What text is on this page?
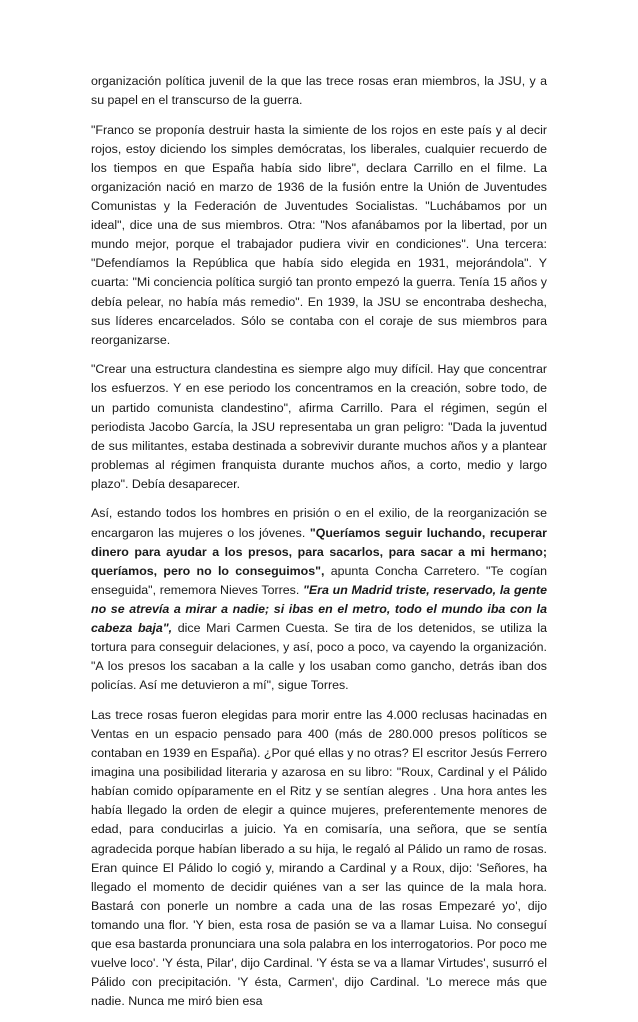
organización política juvenil de la que las trece rosas eran miembros, la JSU, y a su papel en el transcurso de la guerra.

"Franco se proponía destruir hasta la simiente de los rojos en este país y al decir rojos, estoy diciendo los simples demócratas, los liberales, cualquier recuerdo de los tiempos en que España había sido libre", declara Carrillo en el filme. La organización nació en marzo de 1936 de la fusión entre la Unión de Juventudes Comunistas y la Federación de Juventudes Socialistas. "Luchábamos por un ideal", dice una de sus miembros. Otra: "Nos afanábamos por la libertad, por un mundo mejor, porque el trabajador pudiera vivir en condiciones". Una tercera: "Defendíamos la República que había sido elegida en 1931, mejorándola". Y cuarta: "Mi conciencia política surgió tan pronto empezó la guerra. Tenía 15 años y debía pelear, no había más remedio". En 1939, la JSU se encontraba deshecha, sus líderes encarcelados. Sólo se contaba con el coraje de sus miembros para reorganizarse.

"Crear una estructura clandestina es siempre algo muy difícil. Hay que concentrar los esfuerzos. Y en ese periodo los concentramos en la creación, sobre todo, de un partido comunista clandestino", afirma Carrillo. Para el régimen, según el periodista Jacobo García, la JSU representaba un gran peligro: "Dada la juventud de sus militantes, estaba destinada a sobrevivir durante muchos años y a plantear problemas al régimen franquista durante muchos años, a corto, medio y largo plazo". Debía desaparecer.

Así, estando todos los hombres en prisión o en el exilio, de la reorganización se encargaron las mujeres o los jóvenes. "Queríamos seguir luchando, recuperar dinero para ayudar a los presos, para sacarlos, para sacar a mi hermano; queríamos, pero no lo conseguimos", apunta Concha Carretero. "Te cogían enseguida", rememora Nieves Torres. "Era un Madrid triste, reservado, la gente no se atrevía a mirar a nadie; si ibas en el metro, todo el mundo iba con la cabeza baja", dice Mari Carmen Cuesta. Se tira de los detenidos, se utiliza la tortura para conseguir delaciones, y así, poco a poco, va cayendo la organización. "A los presos los sacaban a la calle y los usaban como gancho, detrás iban dos policías. Así me detuvieron a mí", sigue Torres.

Las trece rosas fueron elegidas para morir entre las 4.000 reclusas hacinadas en Ventas en un espacio pensado para 400 (más de 280.000 presos políticos se contaban en 1939 en España). ¿Por qué ellas y no otras? El escritor Jesús Ferrero imagina una posibilidad literaria y azarosa en su libro: "Roux, Cardinal y el Pálido habían comido opíparamente en el Ritz y se sentían alegres . Una hora antes les había llegado la orden de elegir a quince mujeres, preferentemente menores de edad, para conducirlas a juicio. Ya en comisaría, una señora, que se sentía agradecida porque habían liberado a su hija, le regaló al Pálido un ramo de rosas. Eran quince El Pálido lo cogió y, mirando a Cardinal y a Roux, dijo: 'Señores, ha llegado el momento de decidir quiénes van a ser las quince de la mala hora. Bastará con ponerle un nombre a cada una de las rosas Empezaré yo', dijo tomando una flor. 'Y bien, esta rosa de pasión se va a llamar Luisa. No conseguí que esa bastarda pronunciara una sola palabra en los interrogatorios. Por poco me vuelve loco'. 'Y ésta, Pilar', dijo Cardinal. 'Y ésta se va a llamar Virtudes', susurró el Pálido con precipitación. 'Y ésta, Carmen', dijo Cardinal. 'Lo merece más que nadie. Nunca me miró bien esa
